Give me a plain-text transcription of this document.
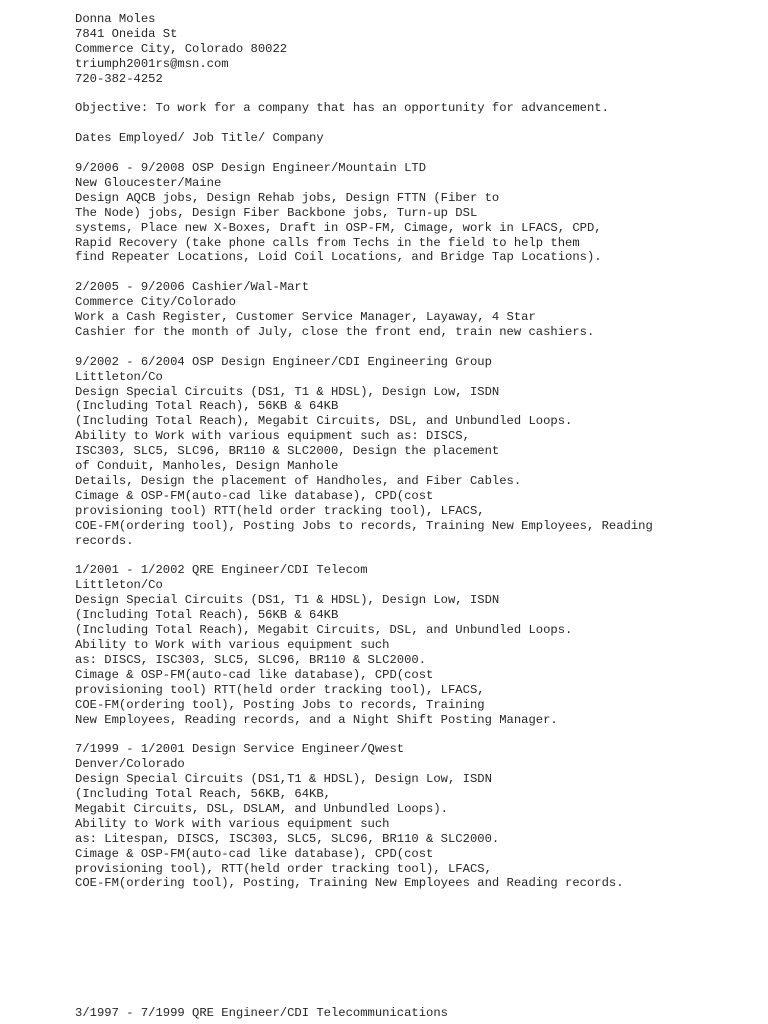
Donna Moles
7841 Oneida St
Commerce City, Colorado 80022
triumph2001rs@msn.com
720-382-4252
Objective: To work for a company that has an opportunity for advancement.
Dates Employed/ Job Title/ Company
9/2006 - 9/2008 OSP Design Engineer/Mountain LTD
New Gloucester/Maine
Design AQCB jobs, Design Rehab jobs, Design FTTN (Fiber to
The Node) jobs, Design Fiber Backbone jobs, Turn-up DSL
systems, Place new X-Boxes, Draft in OSP-FM, Cimage, work in LFACS, CPD,
Rapid Recovery (take phone calls from Techs in the field to help them
find Repeater Locations, Loid Coil Locations, and Bridge Tap Locations).
2/2005 - 9/2006 Cashier/Wal-Mart
Commerce City/Colorado
Work a Cash Register, Customer Service Manager, Layaway, 4 Star
Cashier for the month of July, close the front end, train new cashiers.
9/2002 - 6/2004 OSP Design Engineer/CDI Engineering Group
Littleton/Co
Design Special Circuits (DS1, T1 & HDSL), Design Low, ISDN
(Including Total Reach), 56KB & 64KB
(Including Total Reach), Megabit Circuits, DSL, and Unbundled Loops.
Ability to Work with various equipment such as: DISCS,
ISC303, SLC5, SLC96, BR110 & SLC2000, Design the placement
of Conduit, Manholes, Design Manhole
Details, Design the placement of Handholes, and Fiber Cables.
Cimage & OSP-FM(auto-cad like database), CPD(cost
provisioning tool) RTT(held order tracking tool), LFACS,
COE-FM(ordering tool), Posting Jobs to records, Training New Employees, Reading
records.
1/2001 - 1/2002 QRE Engineer/CDI Telecom
Littleton/Co
Design Special Circuits (DS1, T1 & HDSL), Design Low, ISDN
(Including Total Reach), 56KB & 64KB
(Including Total Reach), Megabit Circuits, DSL, and Unbundled Loops.
Ability to Work with various equipment such
as: DISCS, ISC303, SLC5, SLC96, BR110 & SLC2000.
Cimage & OSP-FM(auto-cad like database), CPD(cost
provisioning tool) RTT(held order tracking tool), LFACS,
COE-FM(ordering tool), Posting Jobs to records, Training
New Employees, Reading records, and a Night Shift Posting Manager.
7/1999 - 1/2001 Design Service Engineer/Qwest
Denver/Colorado
Design Special Circuits (DS1,T1 & HDSL), Design Low, ISDN
(Including Total Reach, 56KB, 64KB,
Megabit Circuits, DSL, DSLAM, and Unbundled Loops).
Ability to Work with various equipment such
as: Litespan, DISCS, ISC303, SLC5, SLC96, BR110 & SLC2000.
Cimage & OSP-FM(auto-cad like database), CPD(cost
provisioning tool), RTT(held order tracking tool), LFACS,
COE-FM(ordering tool), Posting, Training New Employees and Reading records.
3/1997 - 7/1999 QRE Engineer/CDI Telecommunications
